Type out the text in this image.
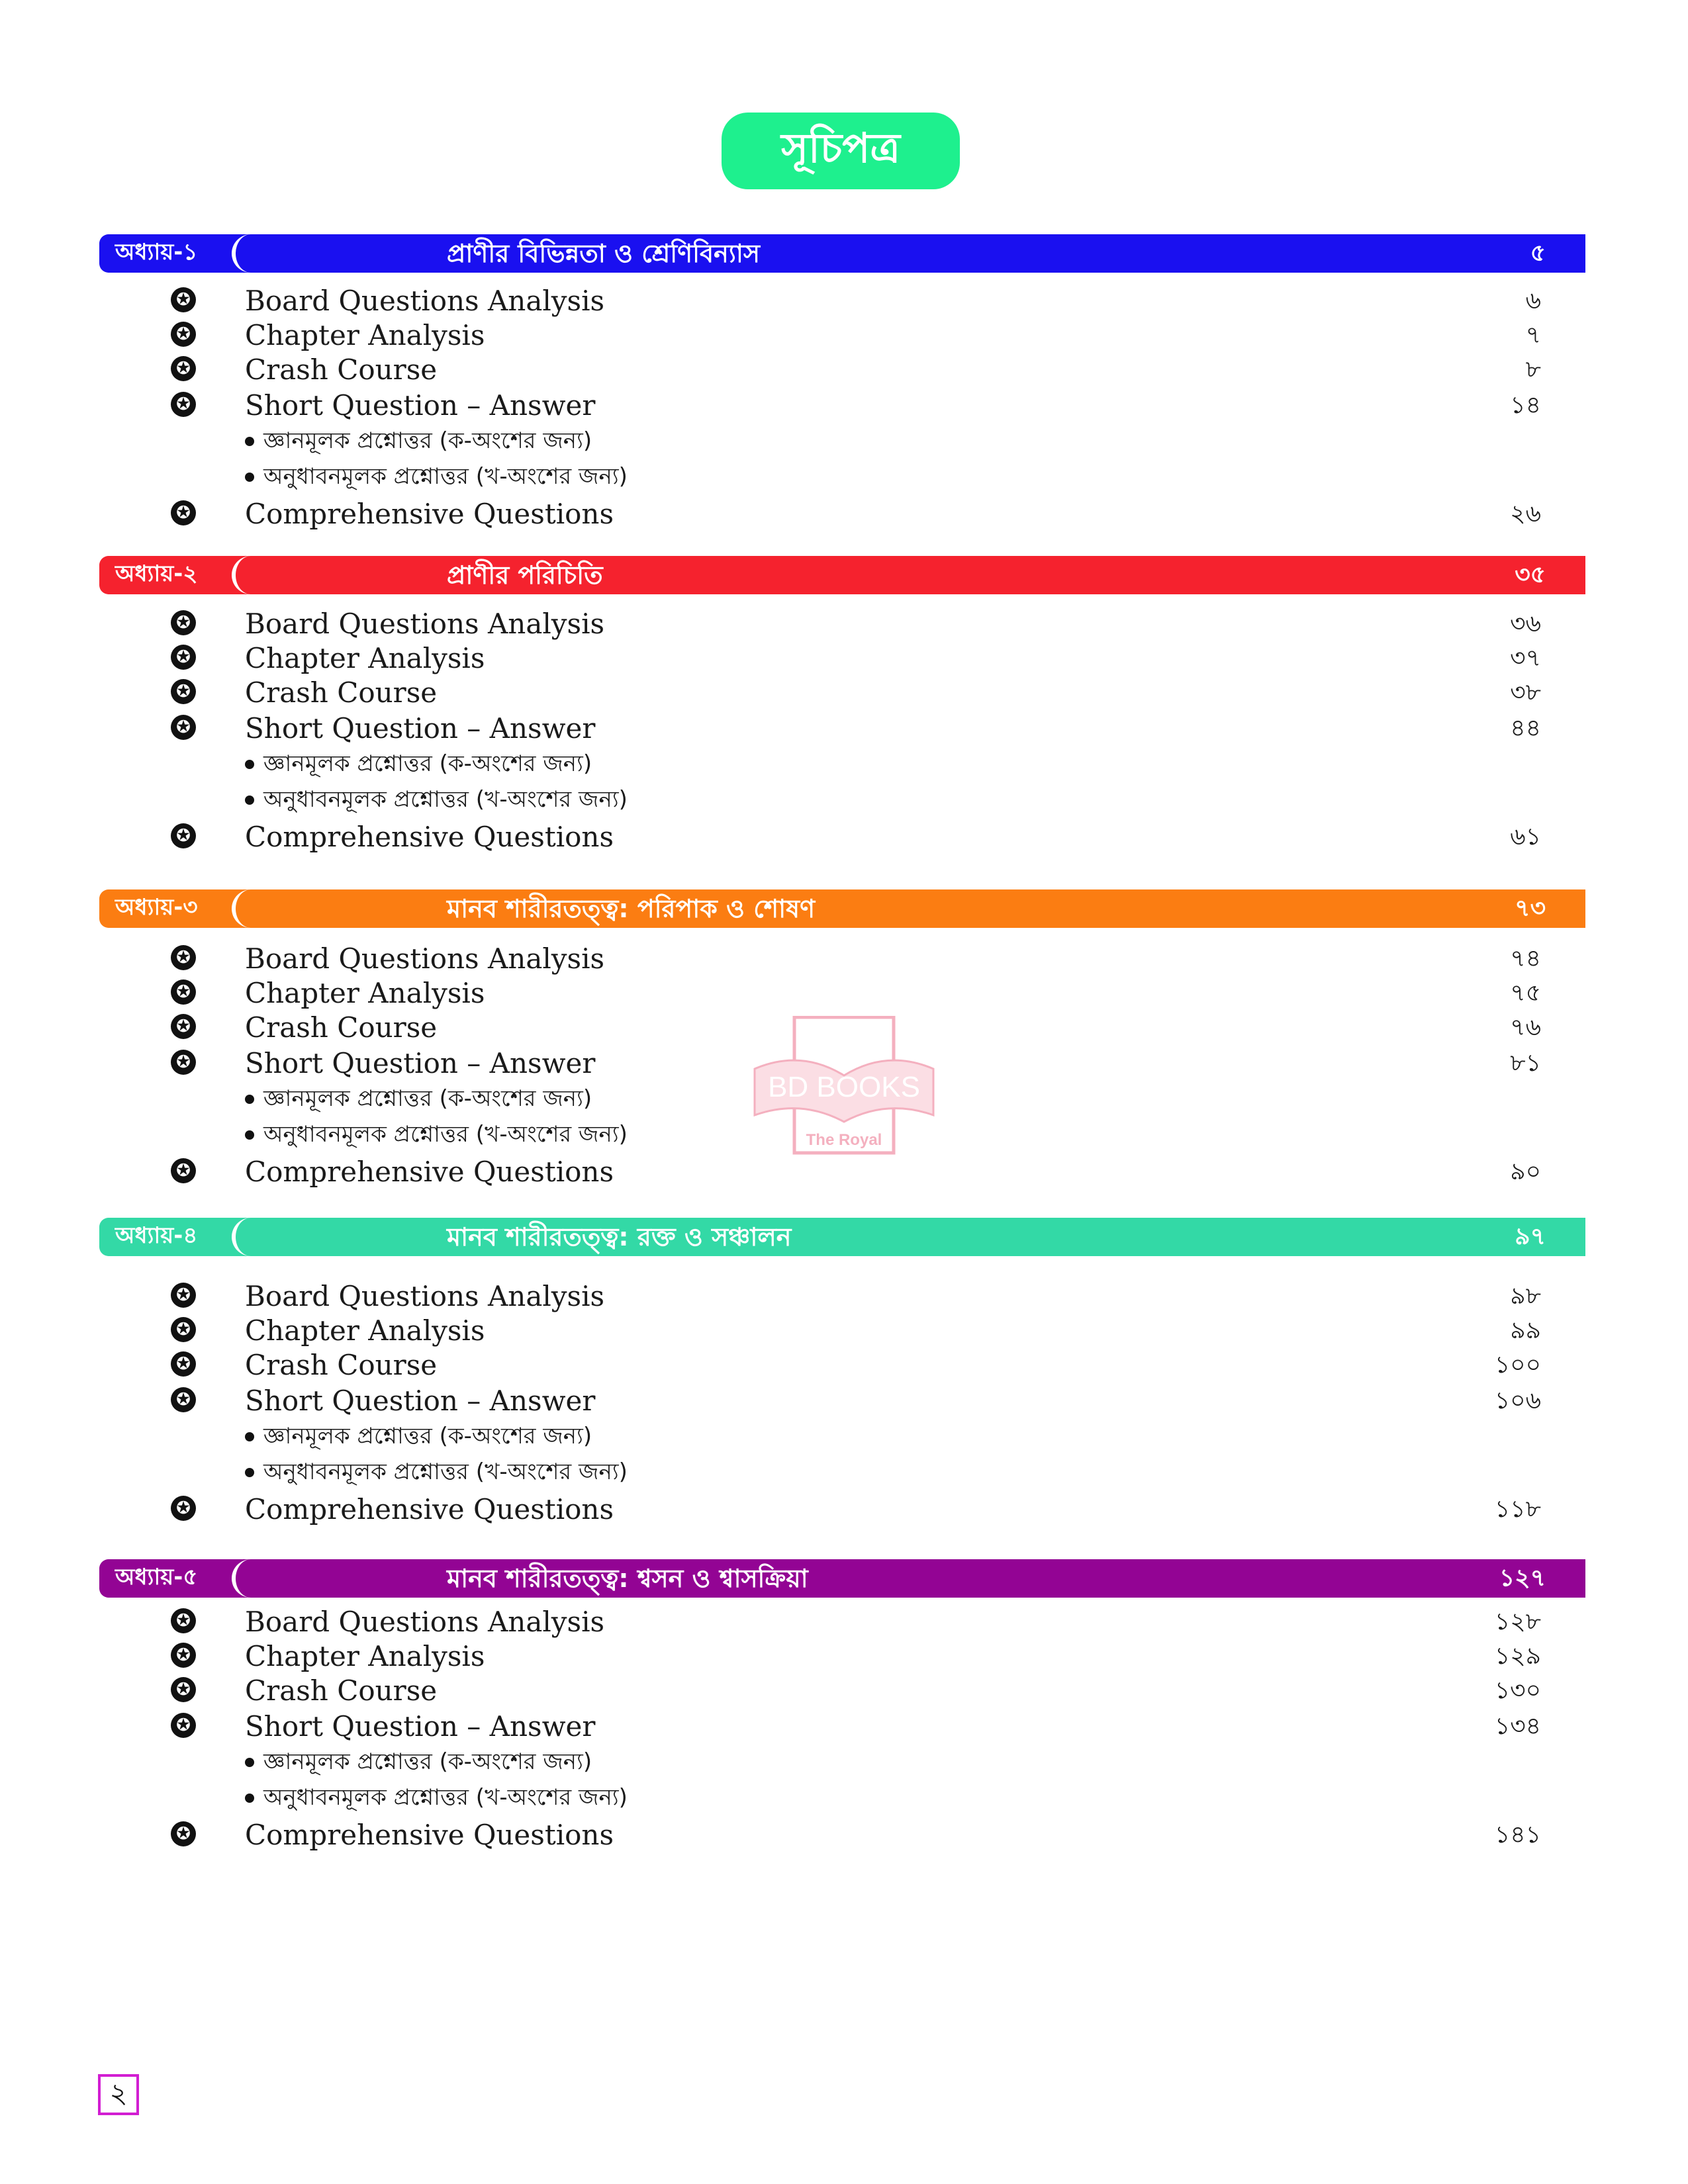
সূচিপত্র
অধ্যায়-১	প্রাণীর বিভিন্নতা ও শ্রেণিবিন্যাস	৫
✪ Board Questions Analysis	৬
✪ Chapter Analysis	৭
✪ Crash Course	৮
✪ Short Question – Answer	১৪
জ্ঞানমূলক প্রশ্নোত্তর (ক-অংশের জন্য)
অনুধাবনমূলক প্রশ্নোত্তর (খ-অংশের জন্য)
✪ Comprehensive Questions	২৬
অধ্যায়-২	প্রাণীর পরিচিতি	৩৫
✪ Board Questions Analysis	৩৬
✪ Chapter Analysis	৩৭
✪ Crash Course	৩৮
✪ Short Question – Answer	৪৪
জ্ঞানমূলক প্রশ্নোত্তর (ক-অংশের জন্য)
অনুধাবনমূলক প্রশ্নোত্তর (খ-অংশের জন্য)
✪ Comprehensive Questions	৬১
অধ্যায়-৩	মানব শারীরতত্ত্ব: পরিপাক ও শোষণ	৭৩
✪ Board Questions Analysis	৭৪
✪ Chapter Analysis	৭৫
✪ Crash Course	৭৬
✪ Short Question – Answer	৮১
জ্ঞানমূলক প্রশ্নোত্তর (ক-অংশের জন্য)
অনুধাবনমূলক প্রশ্নোত্তর (খ-অংশের জন্য)
✪ Comprehensive Questions	৯০
অধ্যায়-৪	মানব শারীরতত্ত্ব: রক্ত ও সঞ্চালন	৯৭
✪ Board Questions Analysis	৯৮
✪ Chapter Analysis	৯৯
✪ Crash Course	১০০
✪ Short Question – Answer	১০৬
জ্ঞানমূলক প্রশ্নোত্তর (ক-অংশের জন্য)
অনুধাবনমূলক প্রশ্নোত্তর (খ-অংশের জন্য)
✪ Comprehensive Questions	১১৮
অধ্যায়-৫	মানব শারীরতত্ত্ব: শ্বসন ও শ্বাসক্রিয়া	১২৭
✪ Board Questions Analysis	১২৮
✪ Chapter Analysis	১২৯
✪ Crash Course	১৩০
✪ Short Question – Answer	১৩৪
জ্ঞানমূলক প্রশ্নোত্তর (ক-অংশের জন্য)
অনুধাবনমূলক প্রশ্নোত্তর (খ-অংশের জন্য)
✪ Comprehensive Questions	১৪১
BD BOOKS
The Royal
২
